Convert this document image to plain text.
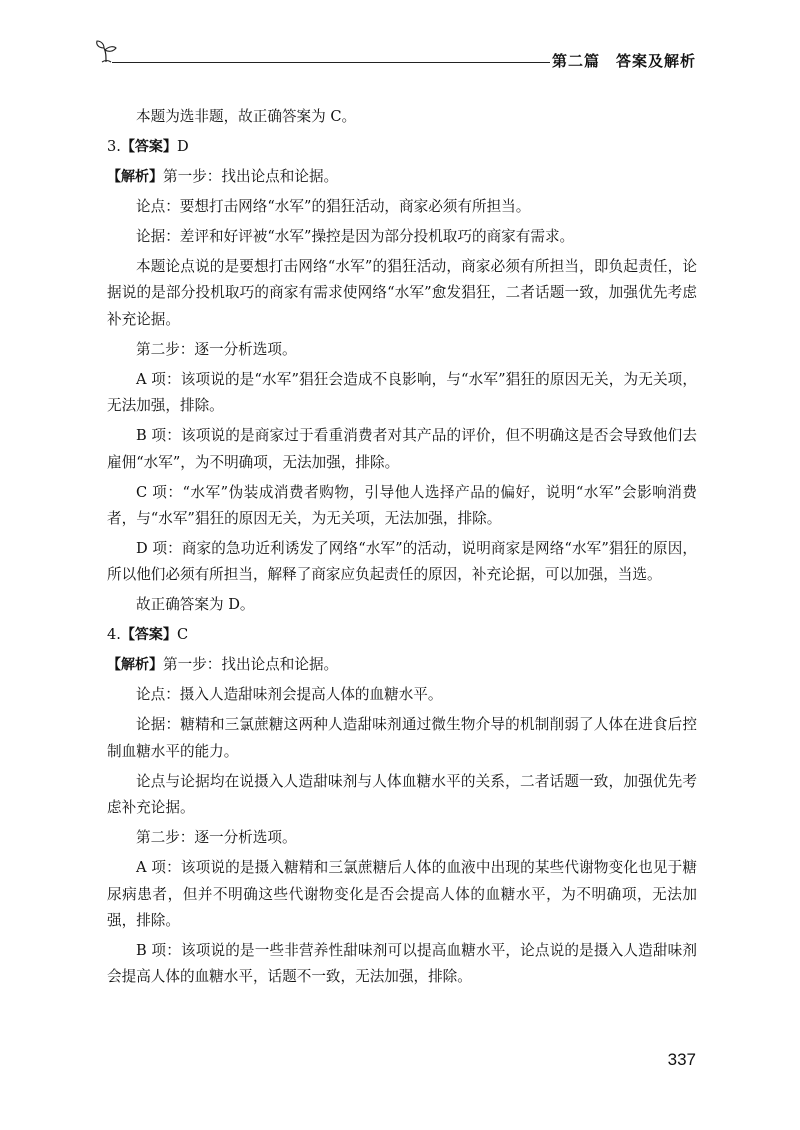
第二篇　答案及解析

本题为选非题，故正确答案为 C。

3.【答案】D

【解析】第一步：找出论点和论据。

论点：要想打击网络“水军”的猖狂活动，商家必须有所担当。

论据：差评和好评被“水军”操控是因为部分投机取巧的商家有需求。

本题论点说的是要想打击网络“水军”的猖狂活动，商家必须有所担当，即负起责任，论据说的是部分投机取巧的商家有需求使网络“水军”愈发猖狂，二者话题一致，加强优先考虑补充论据。

第二步：逐一分析选项。

A 项：该项说的是“水军”猖狂会造成不良影响，与“水军”猖狂的原因无关，为无关项，无法加强，排除。

B 项：该项说的是商家过于看重消费者对其产品的评价，但不明确这是否会导致他们去雇佣“水军”，为不明确项，无法加强，排除。

C 项：“水军”伪装成消费者购物，引导他人选择产品的偏好，说明“水军”会影响消费者，与“水军”猖狂的原因无关，为无关项，无法加强，排除。

D 项：商家的急功近利诱发了网络“水军”的活动，说明商家是网络“水军”猖狂的原因，所以他们必须有所担当，解释了商家应负起责任的原因，补充论据，可以加强，当选。

故正确答案为 D。

4.【答案】C

【解析】第一步：找出论点和论据。

论点：摄入人造甜味剂会提高人体的血糖水平。

论据：糖精和三氯蔗糖这两种人造甜味剂通过微生物介导的机制削弱了人体在进食后控制血糖水平的能力。

论点与论据均在说摄入人造甜味剂与人体血糖水平的关系，二者话题一致，加强优先考虑补充论据。

第二步：逐一分析选项。

A 项：该项说的是摄入糖精和三氯蔗糖后人体的血液中出现的某些代谢物变化也见于糖尿病患者，但并不明确这些代谢物变化是否会提高人体的血糖水平，为不明确项，无法加强，排除。

B 项：该项说的是一些非营养性甜味剂可以提高血糖水平，论点说的是摄入人造甜味剂会提高人体的血糖水平，话题不一致，无法加强，排除。

337
